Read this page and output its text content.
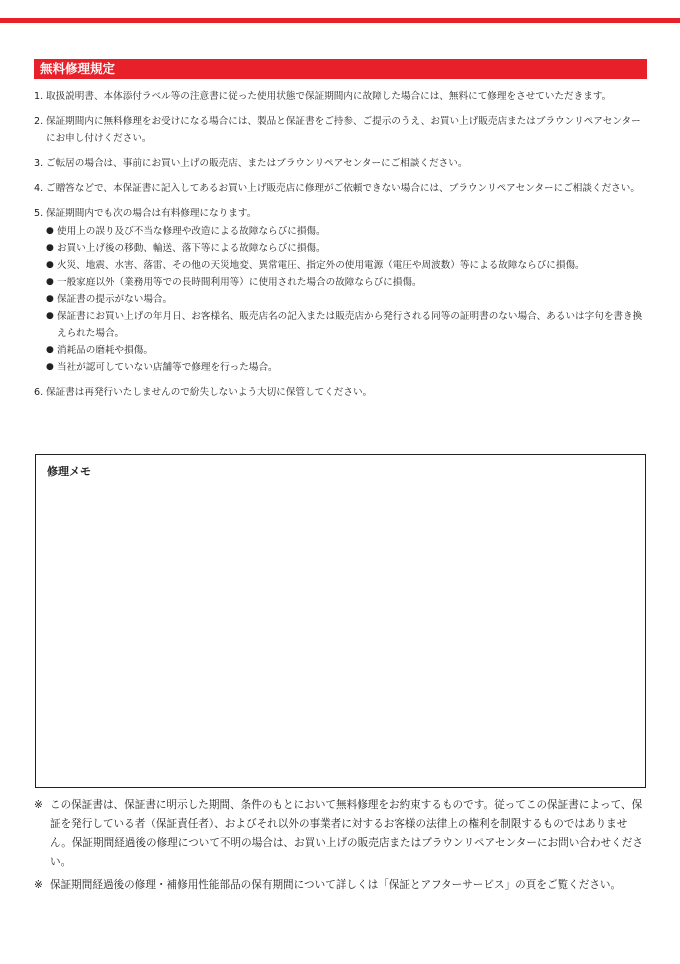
無料修理規定
1. 取扱説明書、本体添付ラベル等の注意書に従った使用状態で保証期間内に故障した場合には、無料にて修理をさせていただきます。
2. 保証期間内に無料修理をお受けになる場合には、製品と保証書をご持参、ご提示のうえ、お買い上げ販売店またはブラウンリペアセンターにお申し付けください。
3. ご転居の場合は、事前にお買い上げの販売店、またはブラウンリペアセンターにご相談ください。
4. ご贈答などで、本保証書に記入してあるお買い上げ販売店に修理がご依頼できない場合には、ブラウンリペアセンターにご相談ください。
5. 保証期間内でも次の場合は有料修理になります。
● 使用上の誤り及び不当な修理や改造による故障ならびに損傷。
● お買い上げ後の移動、輸送、落下等による故障ならびに損傷。
● 火災、地震、水害、落雷、その他の天災地変、異常電圧、指定外の使用電源（電圧や周波数）等による故障ならびに損傷。
● 一般家庭以外（業務用等での長時間利用等）に使用された場合の故障ならびに損傷。
● 保証書の提示がない場合。
● 保証書にお買い上げの年月日、お客様名、販売店名の記入または販売店から発行される同等の証明書のない場合、あるいは字句を書き換えられた場合。
● 消耗品の磨耗や損傷。
● 当社が認可していない店舗等で修理を行った場合。
6. 保証書は再発行いたしませんので紛失しないよう大切に保管してください。
修理メモ
※ この保証書は、保証書に明示した期間、条件のもとにおいて無料修理をお約束するものです。従ってこの保証書によって、保証を発行している者（保証責任者）、およびそれ以外の事業者に対するお客様の法律上の権利を制限するものではありません。保証期間経過後の修理について不明の場合は、お買い上げの販売店またはブラウンリペアセンターにお問い合わせください。
※ 保証期間経過後の修理・補修用性能部品の保有期間について詳しくは「保証とアフターサービス」の頁をご覧ください。
